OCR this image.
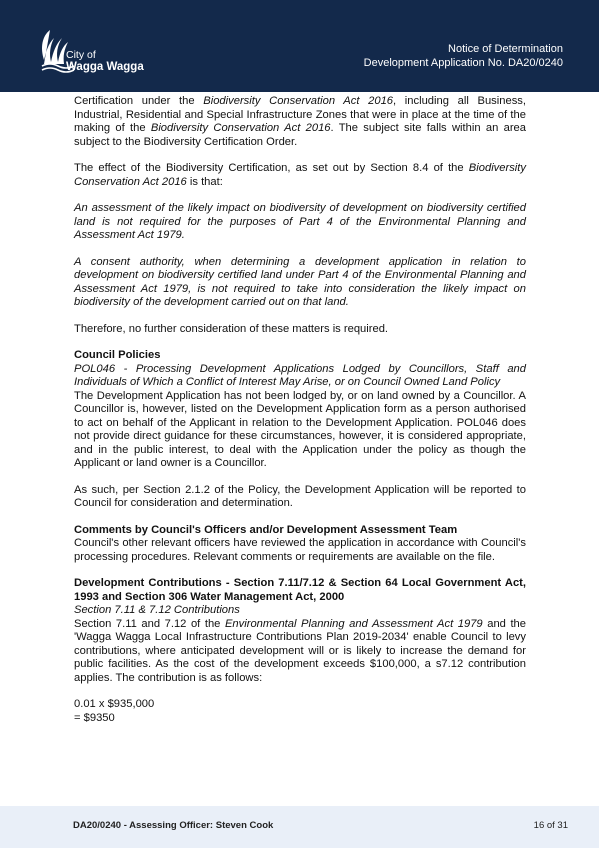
City of
Wagga Wagga
Notice of Determination
Development Application No. DA20/0240

Certification under the Biodiversity Conservation Act 2016, including all Business, Industrial, Residential and Special Infrastructure Zones that were in place at the time of the making of the Biodiversity Conservation Act 2016. The subject site falls within an area subject to the Biodiversity Certification Order.

The effect of the Biodiversity Certification, as set out by Section 8.4 of the Biodiversity Conservation Act 2016 is that:

An assessment of the likely impact on biodiversity of development on biodiversity certified land is not required for the purposes of Part 4 of the Environmental Planning and Assessment Act 1979.

A consent authority, when determining a development application in relation to development on biodiversity certified land under Part 4 of the Environmental Planning and Assessment Act 1979, is not required to take into consideration the likely impact on biodiversity of the development carried out on that land.

Therefore, no further consideration of these matters is required.

Council Policies

POL046 - Processing Development Applications Lodged by Councillors, Staff and Individuals of Which a Conflict of Interest May Arise, or on Council Owned Land Policy

The Development Application has not been lodged by, or on land owned by a Councillor. A Councillor is, however, listed on the Development Application form as a person authorised to act on behalf of the Applicant in relation to the Development Application. POL046 does not provide direct guidance for these circumstances, however, it is considered appropriate, and in the public interest, to deal with the Application under the policy as though the Applicant or land owner is a Councillor.

As such, per Section 2.1.2 of the Policy, the Development Application will be reported to Council for consideration and determination.

Comments by Council's Officers and/or Development Assessment Team

Council's other relevant officers have reviewed the application in accordance with Council's processing procedures. Relevant comments or requirements are available on the file.

Development Contributions - Section 7.11/7.12 & Section 64 Local Government Act, 1993 and Section 306 Water Management Act, 2000

Section 7.11 & 7.12 Contributions

Section 7.11 and 7.12 of the Environmental Planning and Assessment Act 1979 and the 'Wagga Wagga Local Infrastructure Contributions Plan 2019-2034' enable Council to levy contributions, where anticipated development will or is likely to increase the demand for public facilities. As the cost of the development exceeds $100,000, a s7.12 contribution applies. The contribution is as follows:

0.01 x $935,000

= $9350

DA20/0240 - Assessing Officer: Steven Cook	16 of 31
